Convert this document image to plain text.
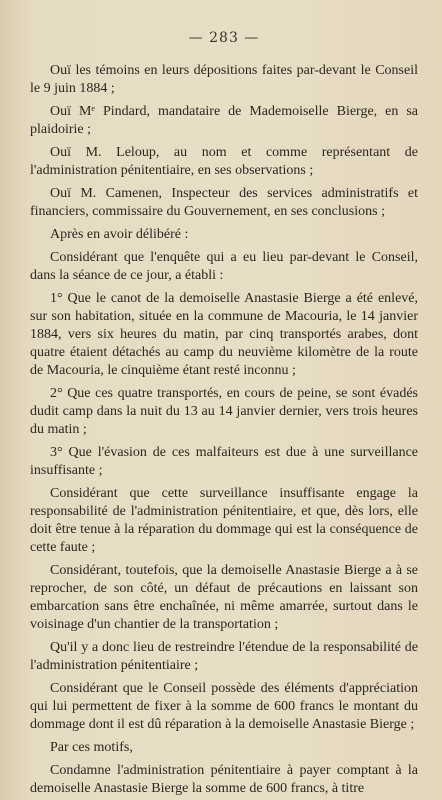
— 283 —

Ouï les témoins en leurs dépositions faites par-devant le Conseil le 9 juin 1884 ;

Ouï Mᵉ Pindard, mandataire de Mademoiselle Bierge, en sa plaidoirie ;

Ouï M. Leloup, au nom et comme représentant de l'administration pénitentiaire, en ses observations ;

Ouï M. Camenen, Inspecteur des services administratifs et financiers, commissaire du Gouvernement, en ses conclusions ;

Après en avoir délibéré :

Considérant que l'enquête qui a eu lieu par-devant le Conseil, dans la séance de ce jour, a établi :

1° Que le canot de la demoiselle Anastasie Bierge a été enlevé, sur son habitation, située en la commune de Macouria, le 14 janvier 1884, vers six heures du matin, par cinq transportés arabes, dont quatre étaient détachés au camp du neuvième kilomètre de la route de Macouria, le cinquième étant resté inconnu ;

2° Que ces quatre transportés, en cours de peine, se sont évadés dudit camp dans la nuit du 13 au 14 janvier dernier, vers trois heures du matin ;

3° Que l'évasion de ces malfaiteurs est due à une surveillance insuffisante ;

Considérant que cette surveillance insuffisante engage la responsabilité de l'administration pénitentiaire, et que, dès lors, elle doit être tenue à la réparation du dommage qui est la conséquence de cette faute ;

Considérant, toutefois, que la demoiselle Anastasie Bierge a à se reprocher, de son côté, un défaut de précautions en laissant son embarcation sans être enchaînée, ni même amarrée, surtout dans le voisinage d'un chantier de la transportation ;

Qu'il y a donc lieu de restreindre l'étendue de la responsabilité de l'administration pénitentiaire ;

Considérant que le Conseil possède des éléments d'appréciation qui lui permettent de fixer à la somme de 600 francs le montant du dommage dont il est dû réparation à la demoiselle Anastasie Bierge ;

Par ces motifs,

Condamne l'administration pénitentiaire à payer comptant à la demoiselle Anastasie Bierge la somme de 600 francs, à titre
